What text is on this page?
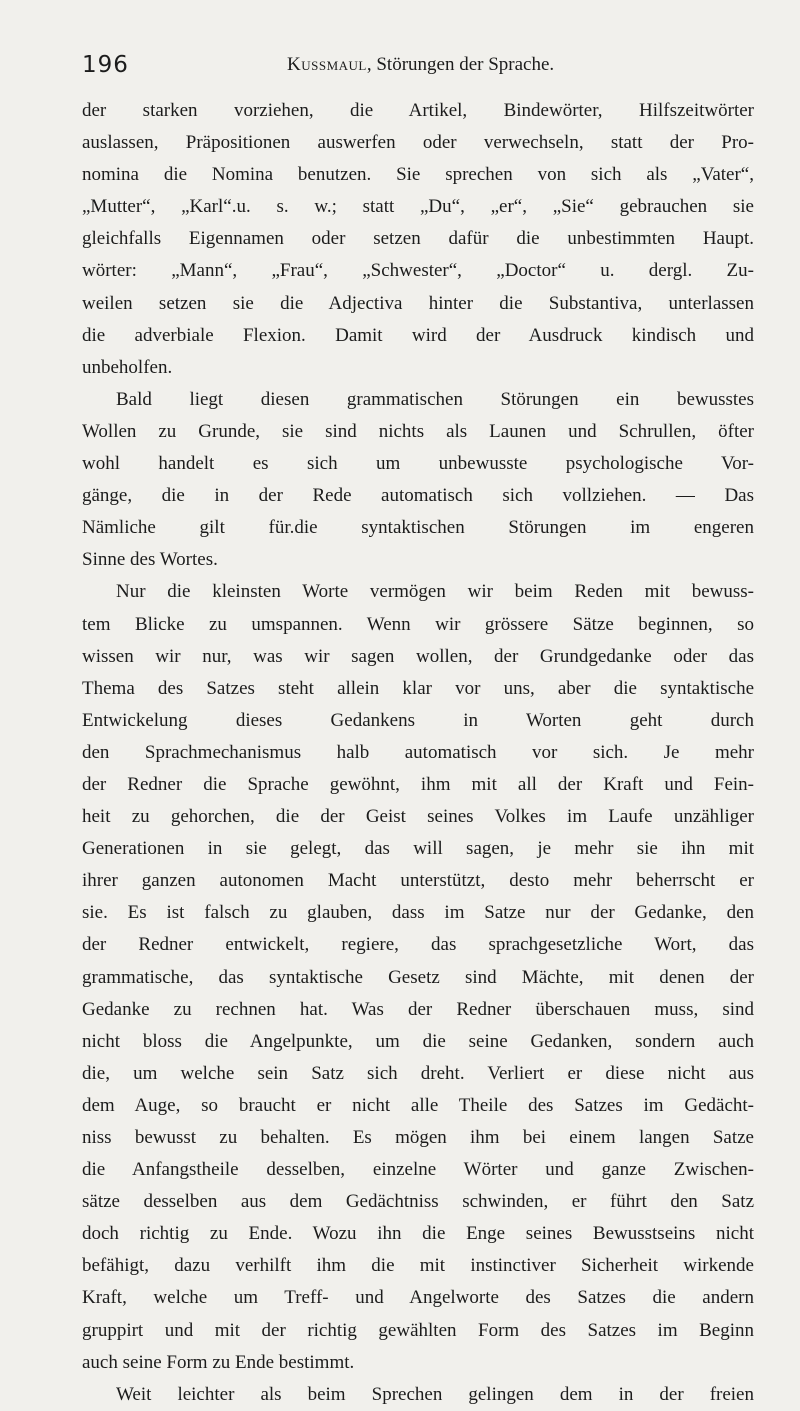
196	Kussmaul, Störungen der Sprache.
der starken vorziehen, die Artikel, Bindewörter, Hilfszeitwörter
auslassen, Präpositionen auswerfen oder verwechseln, statt der Pro-
nomina die Nomina benutzen. Sie sprechen von sich als „Vater“,
„Mutter“, „Karl“.u. s. w.; statt „Du“, „er“, „Sie“ gebrauchen sie
gleichfalls Eigennamen oder setzen dafür die unbestimmten Haupt.
wörter: „Mann“, „Frau“, „Schwester“, „Doctor“ u. dergl. Zu-
weilen setzen sie die Adjectiva hinter die Substantiva, unterlassen
die adverbiale Flexion. Damit wird der Ausdruck kindisch und
unbeholfen.
Bald liegt diesen grammatischen Störungen ein bewusstes
Wollen zu Grunde, sie sind nichts als Launen und Schrullen, öfter
wohl handelt es sich um unbewusste psychologische Vor-
gänge, die in der Rede automatisch sich vollziehen. — Das
Nämliche gilt für.die syntaktischen Störungen im engeren
Sinne des Wortes.
Nur die kleinsten Worte vermögen wir beim Reden mit bewuss-
tem Blicke zu umspannen. Wenn wir grössere Sätze beginnen, so
wissen wir nur, was wir sagen wollen, der Grundgedanke oder das
Thema des Satzes steht allein klar vor uns, aber die syntaktische
Entwickelung dieses Gedankens in Worten geht durch
den Sprachmechanismus halb automatisch vor sich. Je mehr
der Redner die Sprache gewöhnt, ihm mit all der Kraft und Fein-
heit zu gehorchen, die der Geist seines Volkes im Laufe unzähliger
Generationen in sie gelegt, das will sagen, je mehr sie ihn mit
ihrer ganzen autonomen Macht unterstützt, desto mehr beherrscht er
sie. Es ist falsch zu glauben, dass im Satze nur der Gedanke, den
der Redner entwickelt, regiere, das sprachgesetzliche Wort, das
grammatische, das syntaktische Gesetz sind Mächte, mit denen der
Gedanke zu rechnen hat. Was der Redner überschauen muss, sind
nicht bloss die Angelpunkte, um die seine Gedanken, sondern auch
die, um welche sein Satz sich dreht. Verliert er diese nicht aus
dem Auge, so braucht er nicht alle Theile des Satzes im Gedächt-
niss bewusst zu behalten. Es mögen ihm bei einem langen Satze
die Anfangstheile desselben, einzelne Wörter und ganze Zwischen-
sätze desselben aus dem Gedächtniss schwinden, er führt den Satz
doch richtig zu Ende. Wozu ihn die Enge seines Bewusstseins nicht
befähigt, dazu verhilft ihm die mit instinctiver Sicherheit wirkende
Kraft, welche um Treff- und Angelworte des Satzes die andern
gruppirt und mit der richtig gewählten Form des Satzes im Beginn
auch seine Form zu Ende bestimmt.
Weit leichter als beim Sprechen gelingen dem in der freien
